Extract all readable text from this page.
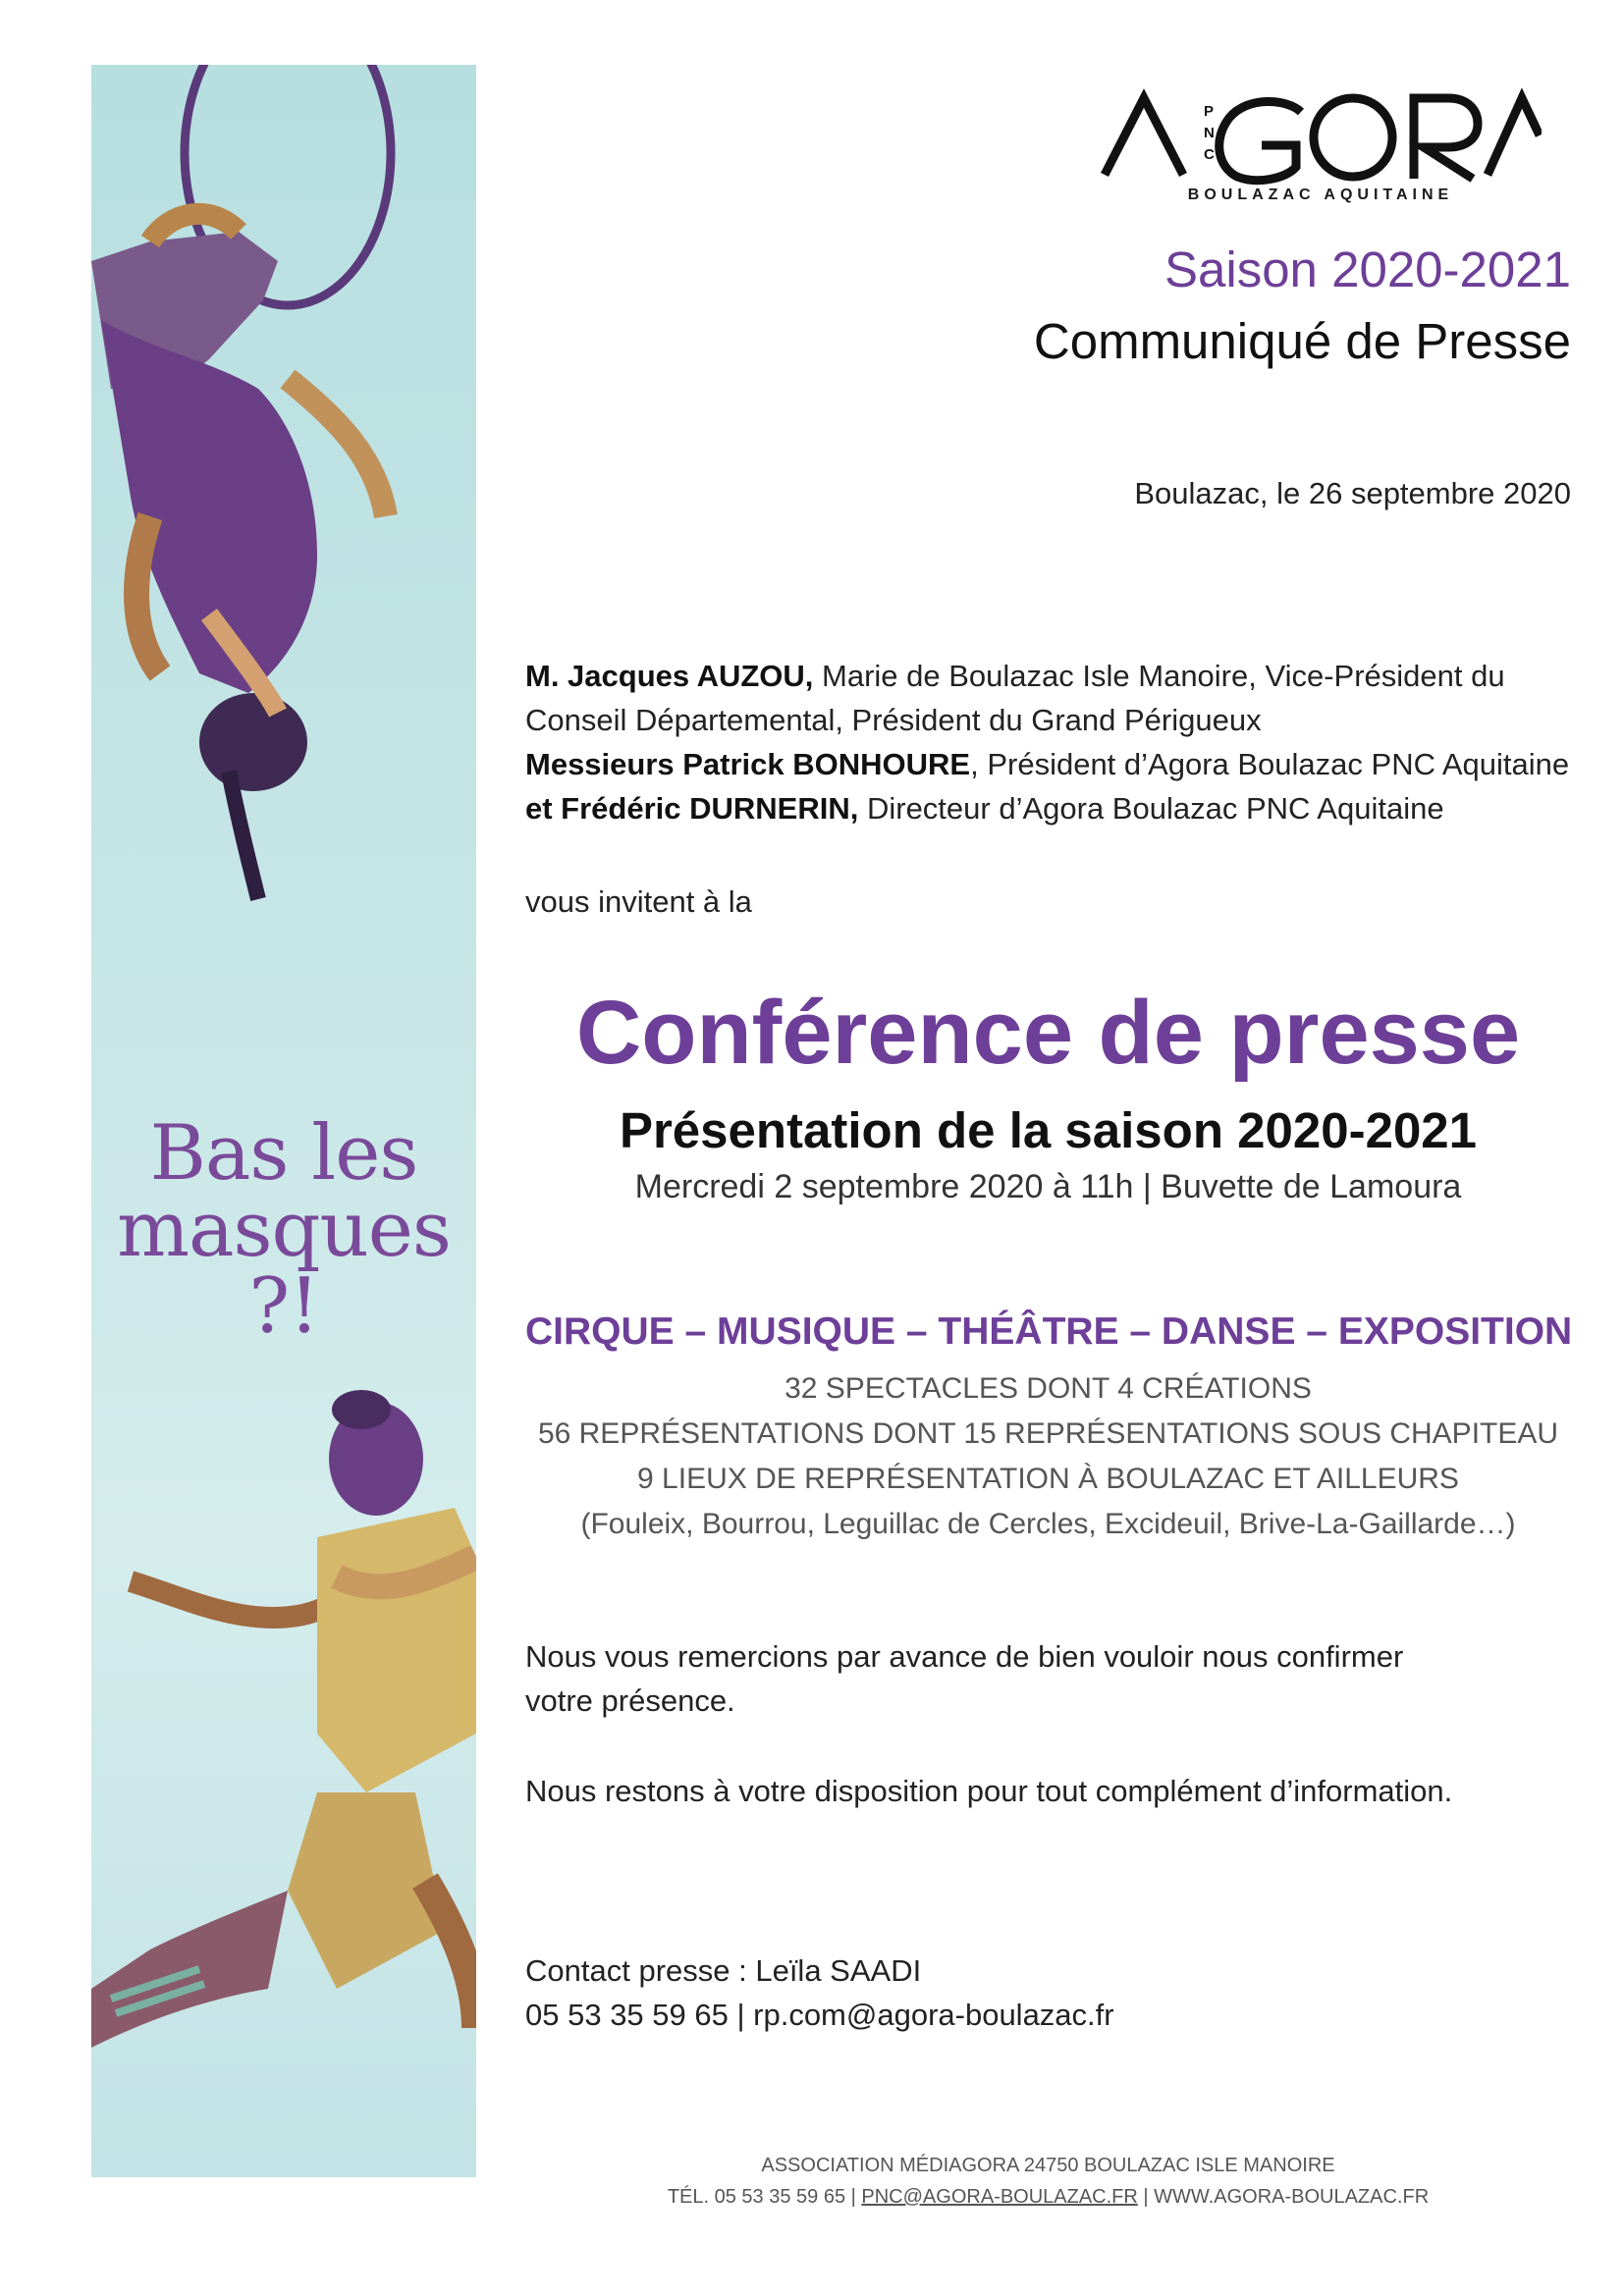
Bas les
masques
?!
P
N
C
BOULAZAC AQUITAINE
Saison 2020-2021
Communiqué de Presse
Boulazac, le 26 septembre 2020
M. Jacques AUZOU, Marie de Boulazac Isle Manoire, Vice-Président du
Conseil Départemental, Président du Grand Périgueux
Messieurs Patrick BONHOURE, Président d’Agora Boulazac PNC Aquitaine
et Frédéric DURNERIN, Directeur d’Agora Boulazac PNC Aquitaine
vous invitent à la
Conférence de presse
Présentation de la saison 2020-2021
Mercredi 2 septembre 2020 à 11h | Buvette de Lamoura
CIRQUE – MUSIQUE – THÉÂTRE – DANSE – EXPOSITION
32 SPECTACLES DONT 4 CRÉATIONS
56 REPRÉSENTATIONS DONT 15 REPRÉSENTATIONS SOUS CHAPITEAU
9 LIEUX DE REPRÉSENTATION À BOULAZAC ET AILLEURS
(Fouleix, Bourrou, Leguillac de Cercles, Excideuil, Brive-La-Gaillarde…)
Nous vous remercions par avance de bien vouloir nous confirmer
votre présence.
Nous restons à votre disposition pour tout complément d’information.
Contact presse : Leïla SAADI
05 53 35 59 65 | rp.com@agora-boulazac.fr
ASSOCIATION MÉDIAGORA 24750 BOULAZAC ISLE MANOIRE
TÉL. 05 53 35 59 65 | PNC@AGORA-BOULAZAC.FR | WWW.AGORA-BOULAZAC.FR
